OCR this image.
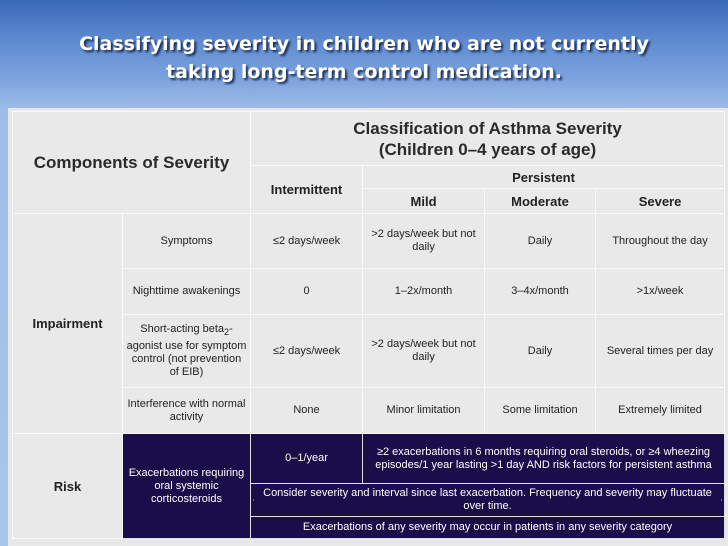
Classifying severity in children who are not currently
taking long-term control medication.
Components of Severity		Classification of Asthma Severity
(Children 0–4 years of age)			

		Intermittent	Persistent		
			Mild	Moderate	Severe
Impairment	Symptoms	≤2 days/week	>2 days/week but not daily	Daily	Throughout the day
	Nighttime awakenings	0	1–2x/month	3–4x/month	>1x/week
	Short-acting beta$_2$-agonist use for symptom control (not prevention of EIB)	≤2 days/week	>2 days/week but not daily	Daily	Several times per day
	Interference with normal activity	None	Minor limitation	Some limitation	Extremely limited
Risk	Exacerbations requiring oral systemic corticosteroids	0–1/year	≥2 exacerbations in 6 months requiring oral steroids, or ≥4 wheezing episodes/1 year lasting >1 day AND risk factors for persistent asthma		

Consider severity and interval since last exacerbation. Frequency and severity may fluctuate over time.			
		Exacerbations of any severity may occur in patients in any severity category			
